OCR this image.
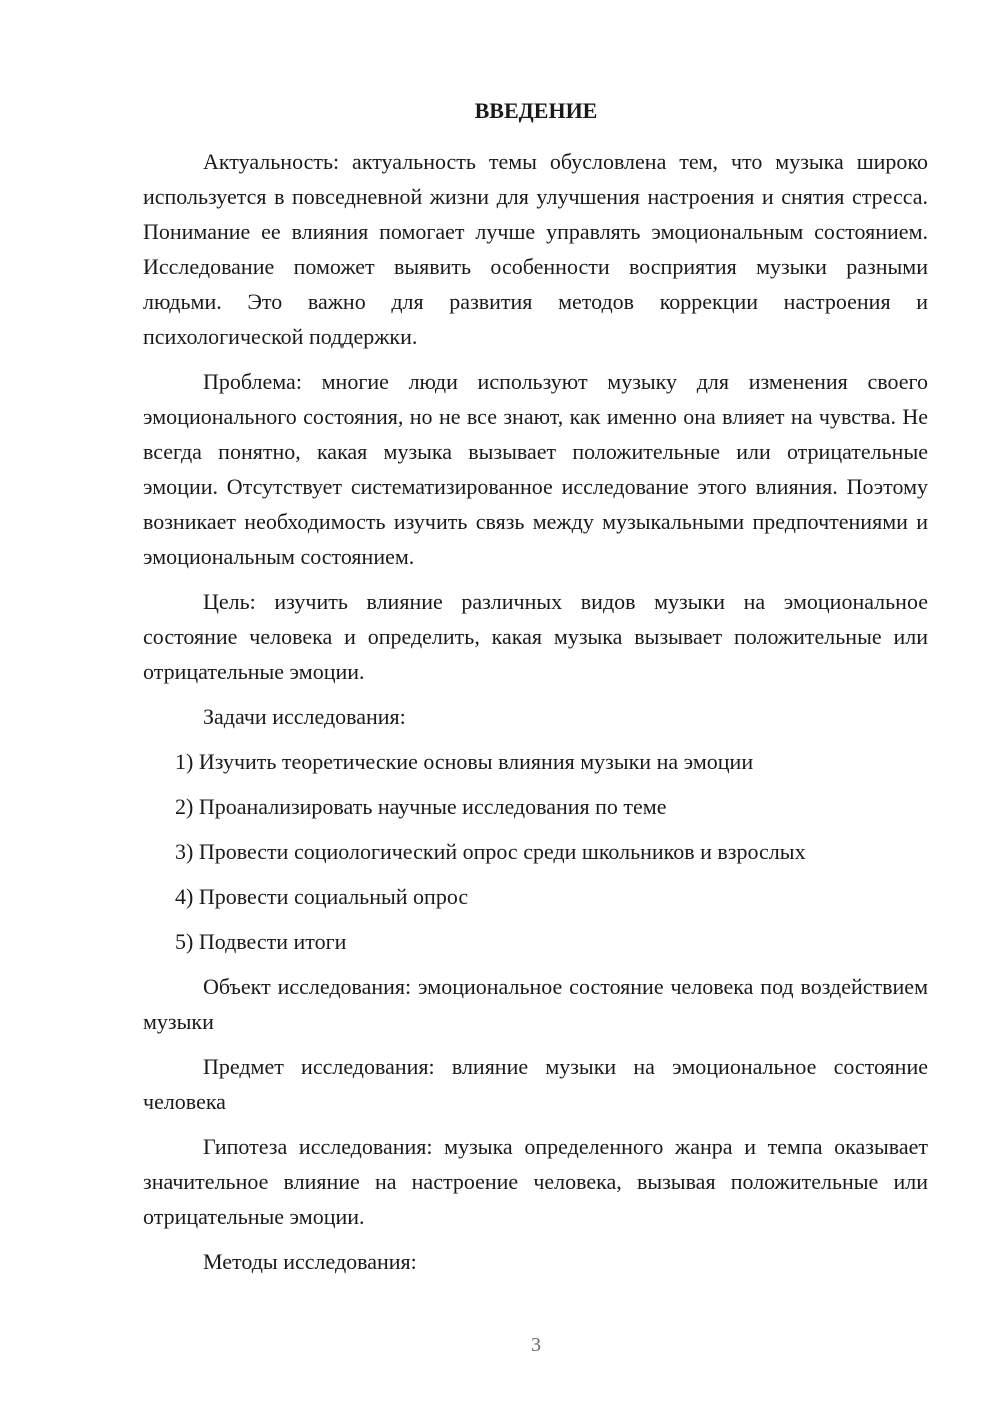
ВВЕДЕНИЕ

Актуальность: актуальность темы обусловлена тем, что музыка широко используется в повседневной жизни для улучшения настроения и снятия стресса. Понимание ее влияния помогает лучше управлять эмоциональным состоянием. Исследование поможет выявить особенности восприятия музыки разными людьми. Это важно для развития методов коррекции настроения и психологической поддержки.

Проблема: многие люди используют музыку для изменения своего эмоционального состояния, но не все знают, как именно она влияет на чувства. Не всегда понятно, какая музыка вызывает положительные или отрицательные эмоции. Отсутствует систематизированное исследование этого влияния. Поэтому возникает необходимость изучить связь между музыкальными предпочтениями и эмоциональным состоянием.

Цель: изучить влияние различных видов музыки на эмоциональное состояние человека и определить, какая музыка вызывает положительные или отрицательные эмоции.

Задачи исследования:

1) Изучить теоретические основы влияния музыки на эмоции
2) Проанализировать научные исследования по теме
3) Провести социологический опрос среди школьников и взрослых
4) Провести социальный опрос
5) Подвести итоги

Объект исследования: эмоциональное состояние человека под воздействием музыки

Предмет исследования: влияние музыки на эмоциональное состояние человека

Гипотеза исследования: музыка определенного жанра и темпа оказывает значительное влияние на настроение человека, вызывая положительные или отрицательные эмоции.

Методы исследования:

3
